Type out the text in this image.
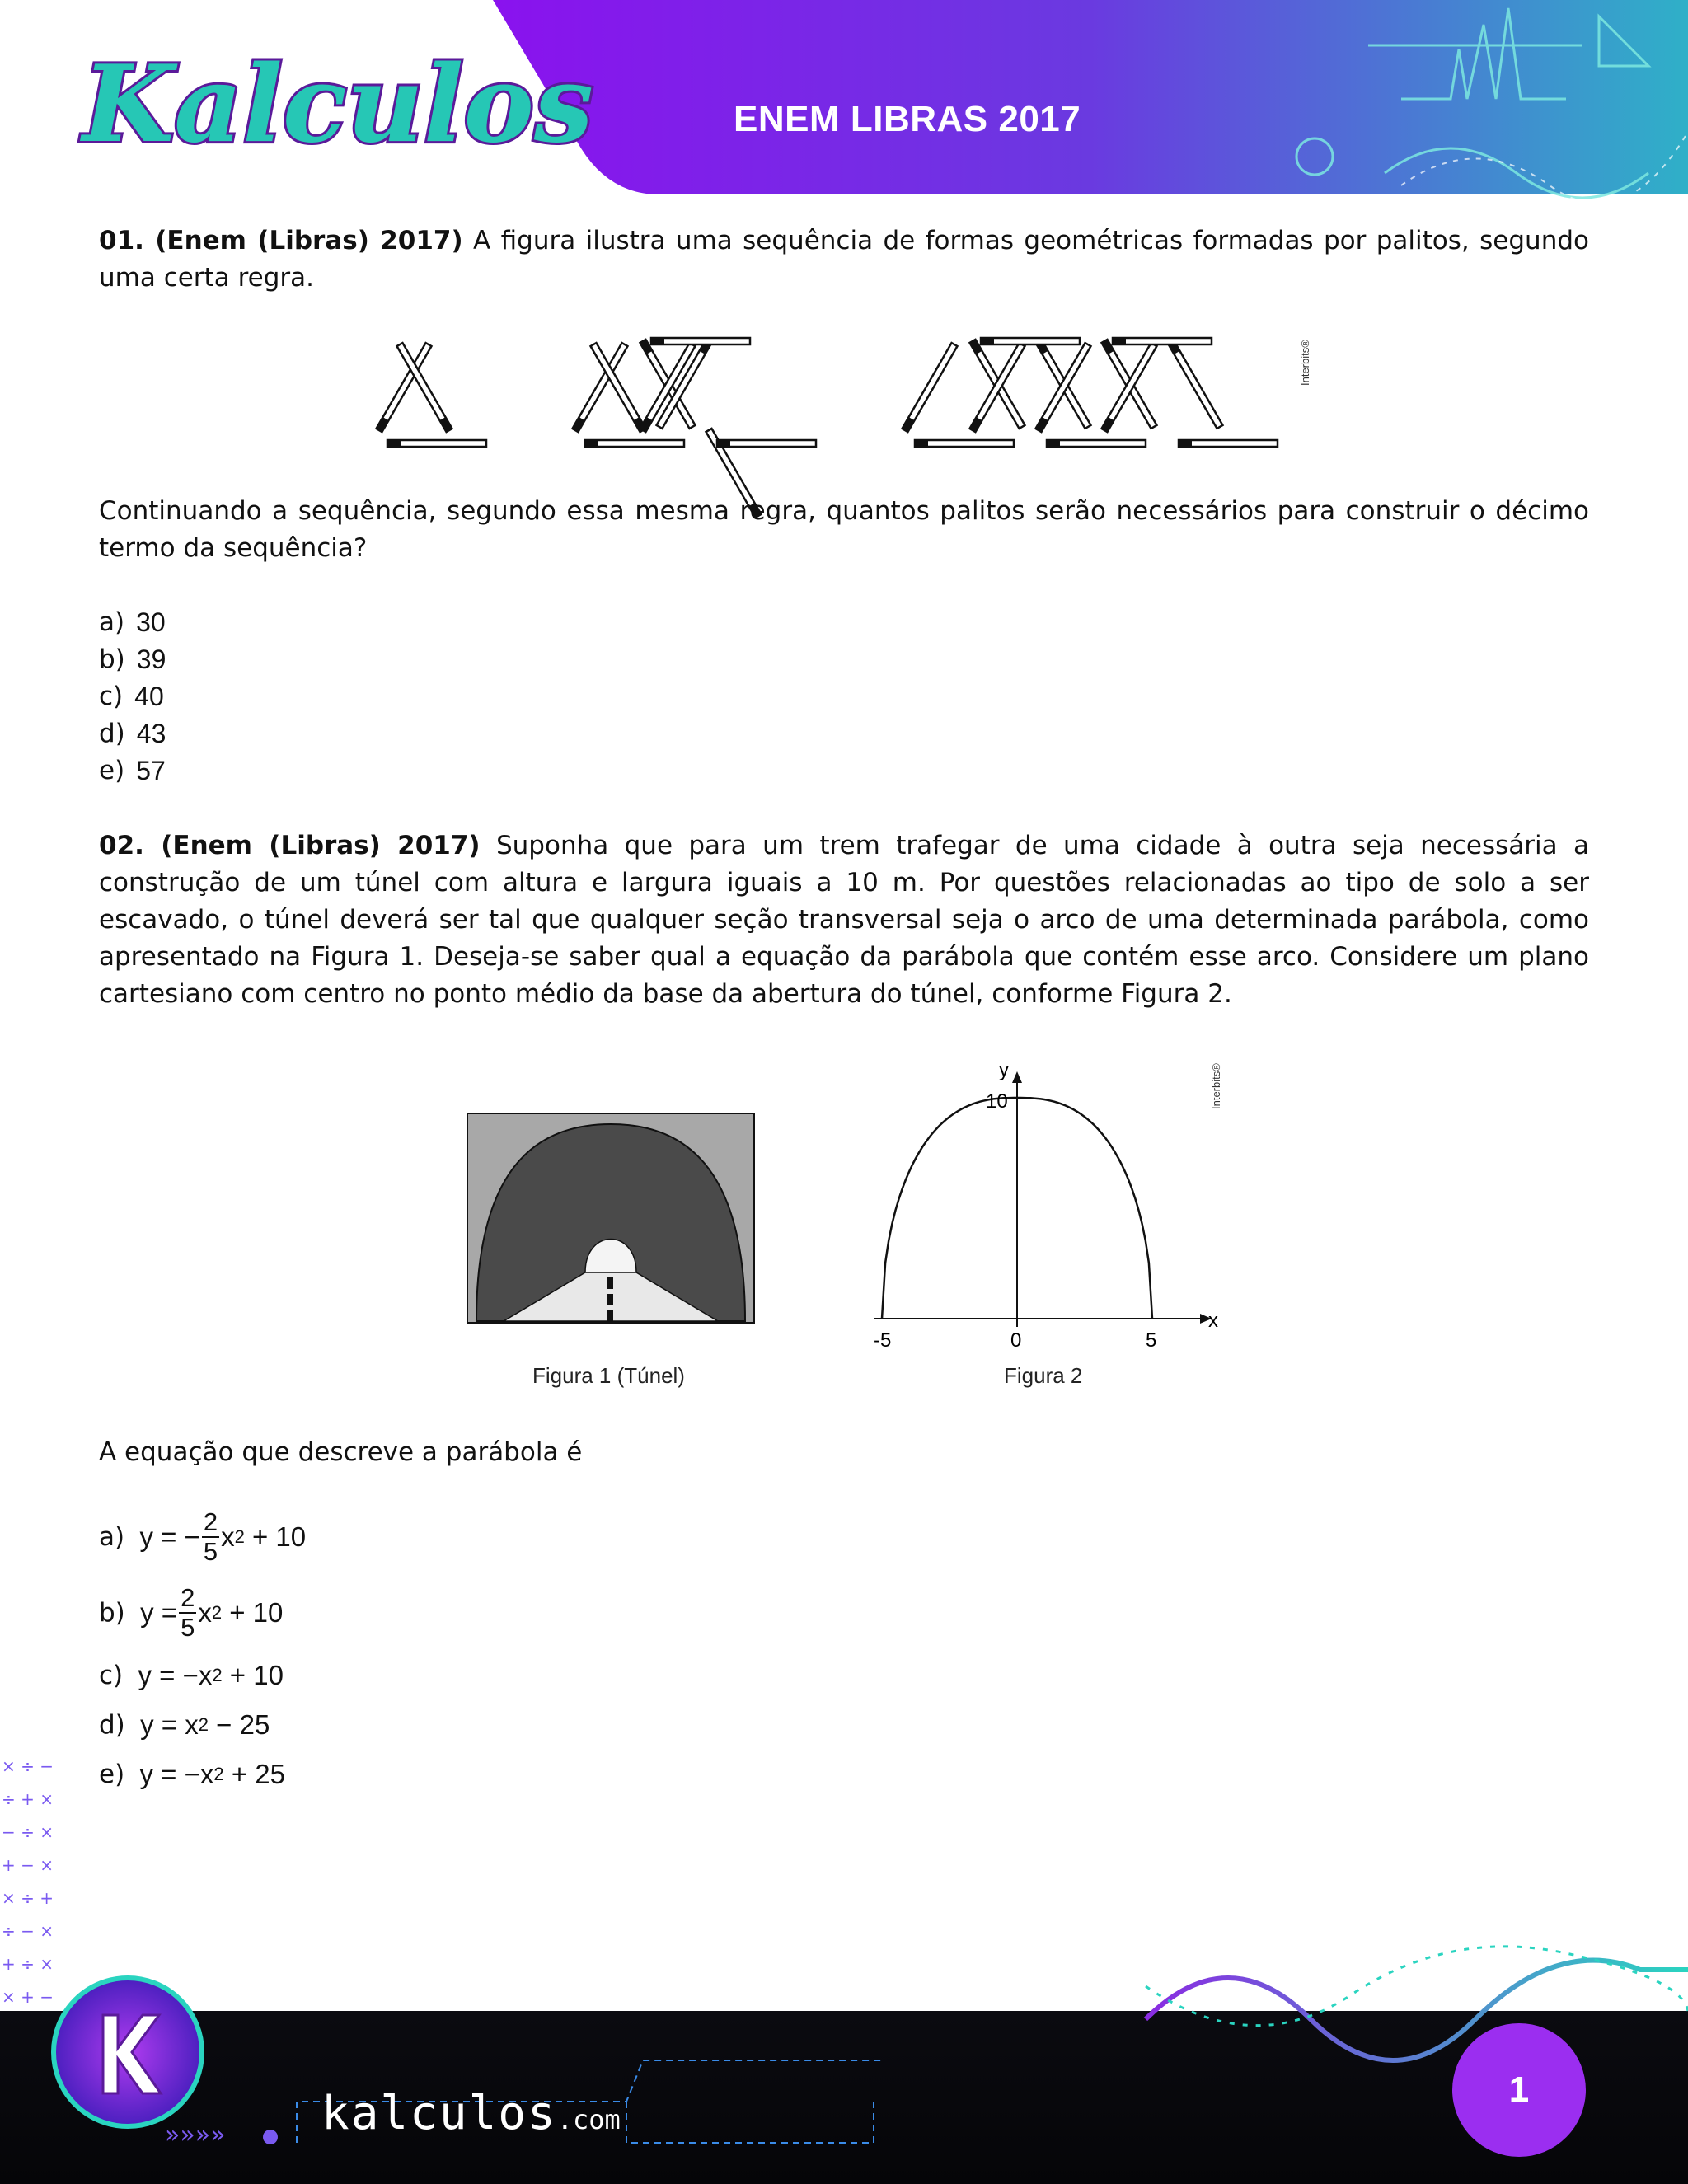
Kalculos	ENEM LIBRAS 2017
01. (Enem (Libras) 2017) A figura ilustra uma sequência de formas geométricas formadas por palitos, segundo uma certa regra.
Interbits®
Continuando a sequência, segundo essa mesma regra, quantos palitos serão necessários para construir o décimo termo da sequência?
a) 30
b) 39
c) 40
d) 43
e) 57
02. (Enem (Libras) 2017) Suponha que para um trem trafegar de uma cidade à outra seja necessária a construção de um túnel com altura e largura iguais a 10 m. Por questões relacionadas ao tipo de solo a ser escavado, o túnel deverá ser tal que qualquer seção transversal seja o arco de uma determinada parábola, como apresentado na Figura 1. Deseja-se saber qual a equação da parábola que contém esse arco. Considere um plano cartesiano com centro no ponto médio da base da abertura do túnel, conforme Figura 2.
Figura 1 (Túnel)
y
x
10
-5	0	5
Figura 2
Interbits®
A equação que descreve a parábola é
a)
y = − $\frac{2}{5}$ x 2 + 10
b)
$y = \frac{2}{5}$ x 2 + 10
c)
y = −x 2 + 10
d)
y = x 2 − 25
e)
y = −x 2 + 25
× ÷ −
÷ + ×
− ÷ ×
+ − ×
× ÷ +
÷ − ×
+ ÷ ×
× + −
»»»» kalculos.com
1
